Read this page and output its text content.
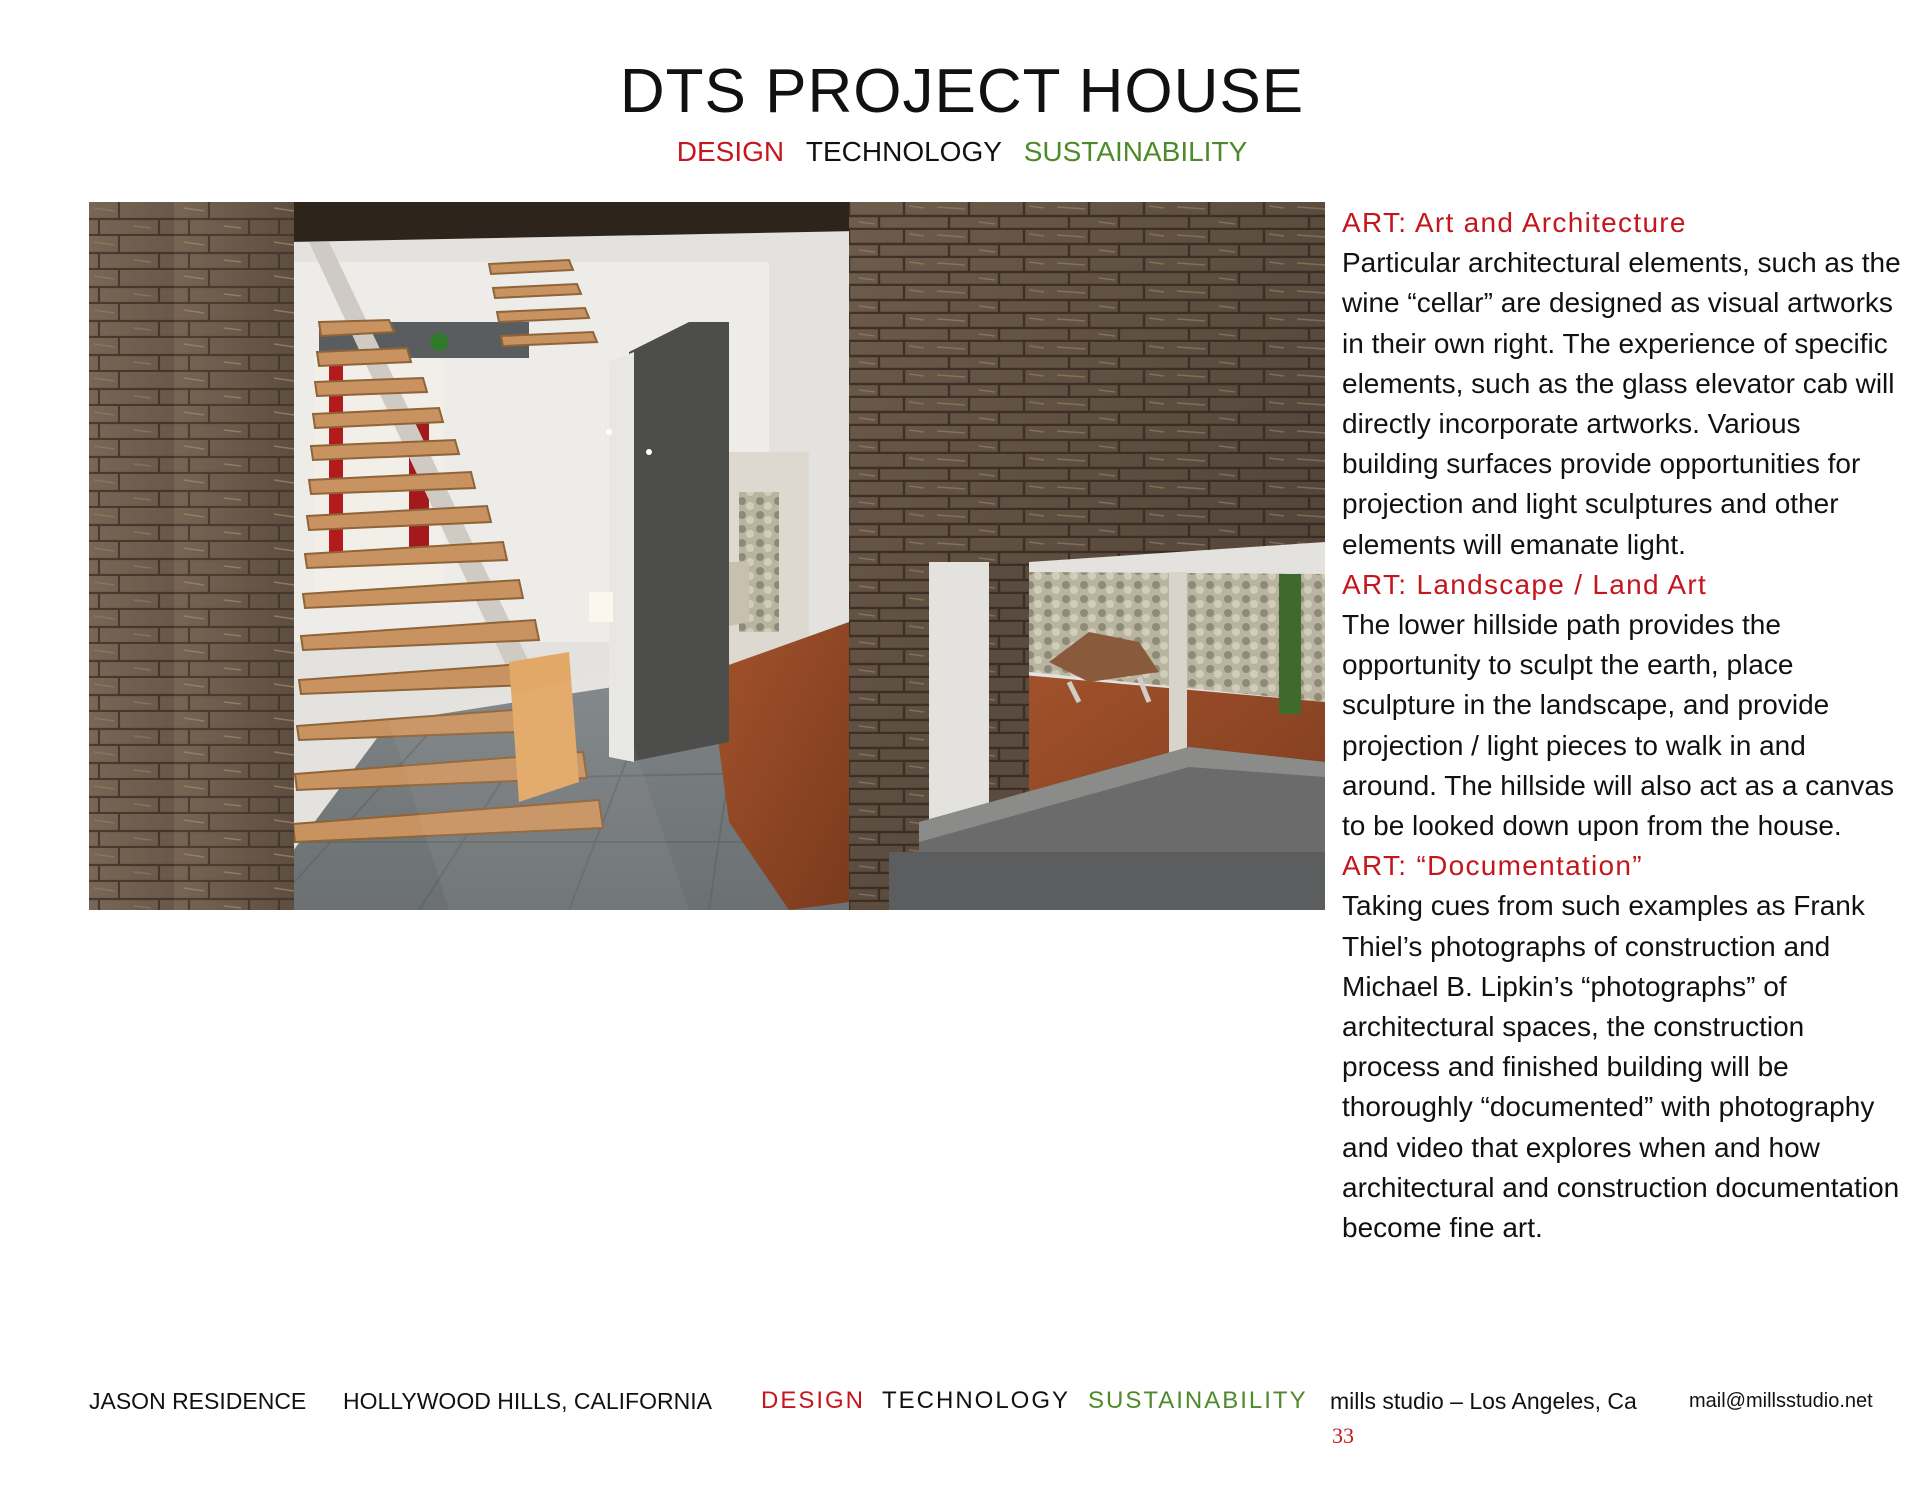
DTS PROJECT HOUSE
DESIGN TECHNOLOGY SUSTAINABILITY

ART: Art and Architecture

Particular architectural elements, such as the wine “cellar” are designed as visual artworks in their own right. The experience of specific elements, such as the glass elevator cab will directly incorporate artworks. Various building surfaces provide opportunities for projection and light sculptures and other elements will emanate light.

ART: Landscape / Land Art

The lower hillside path provides the opportunity to sculpt the earth, place sculpture in the landscape, and provide projection / light pieces to walk in and around. The hillside will also act as a canvas to be looked down upon from the house.

ART: “Documentation”

Taking cues from such examples as Frank Thiel’s photographs of construction and Michael B. Lipkin’s “photographs” of architectural spaces, the construction process and finished building will be thoroughly “documented” with photography and video that explores when and how architectural and construction documentation become fine art.

JASON RESIDENCE HOLLYWOOD HILLS, CALIFORNIA DESIGN TECHNOLOGY SUSTAINABILITY mills studio – Los Angeles, Ca	mail@millsstudio.net
33
